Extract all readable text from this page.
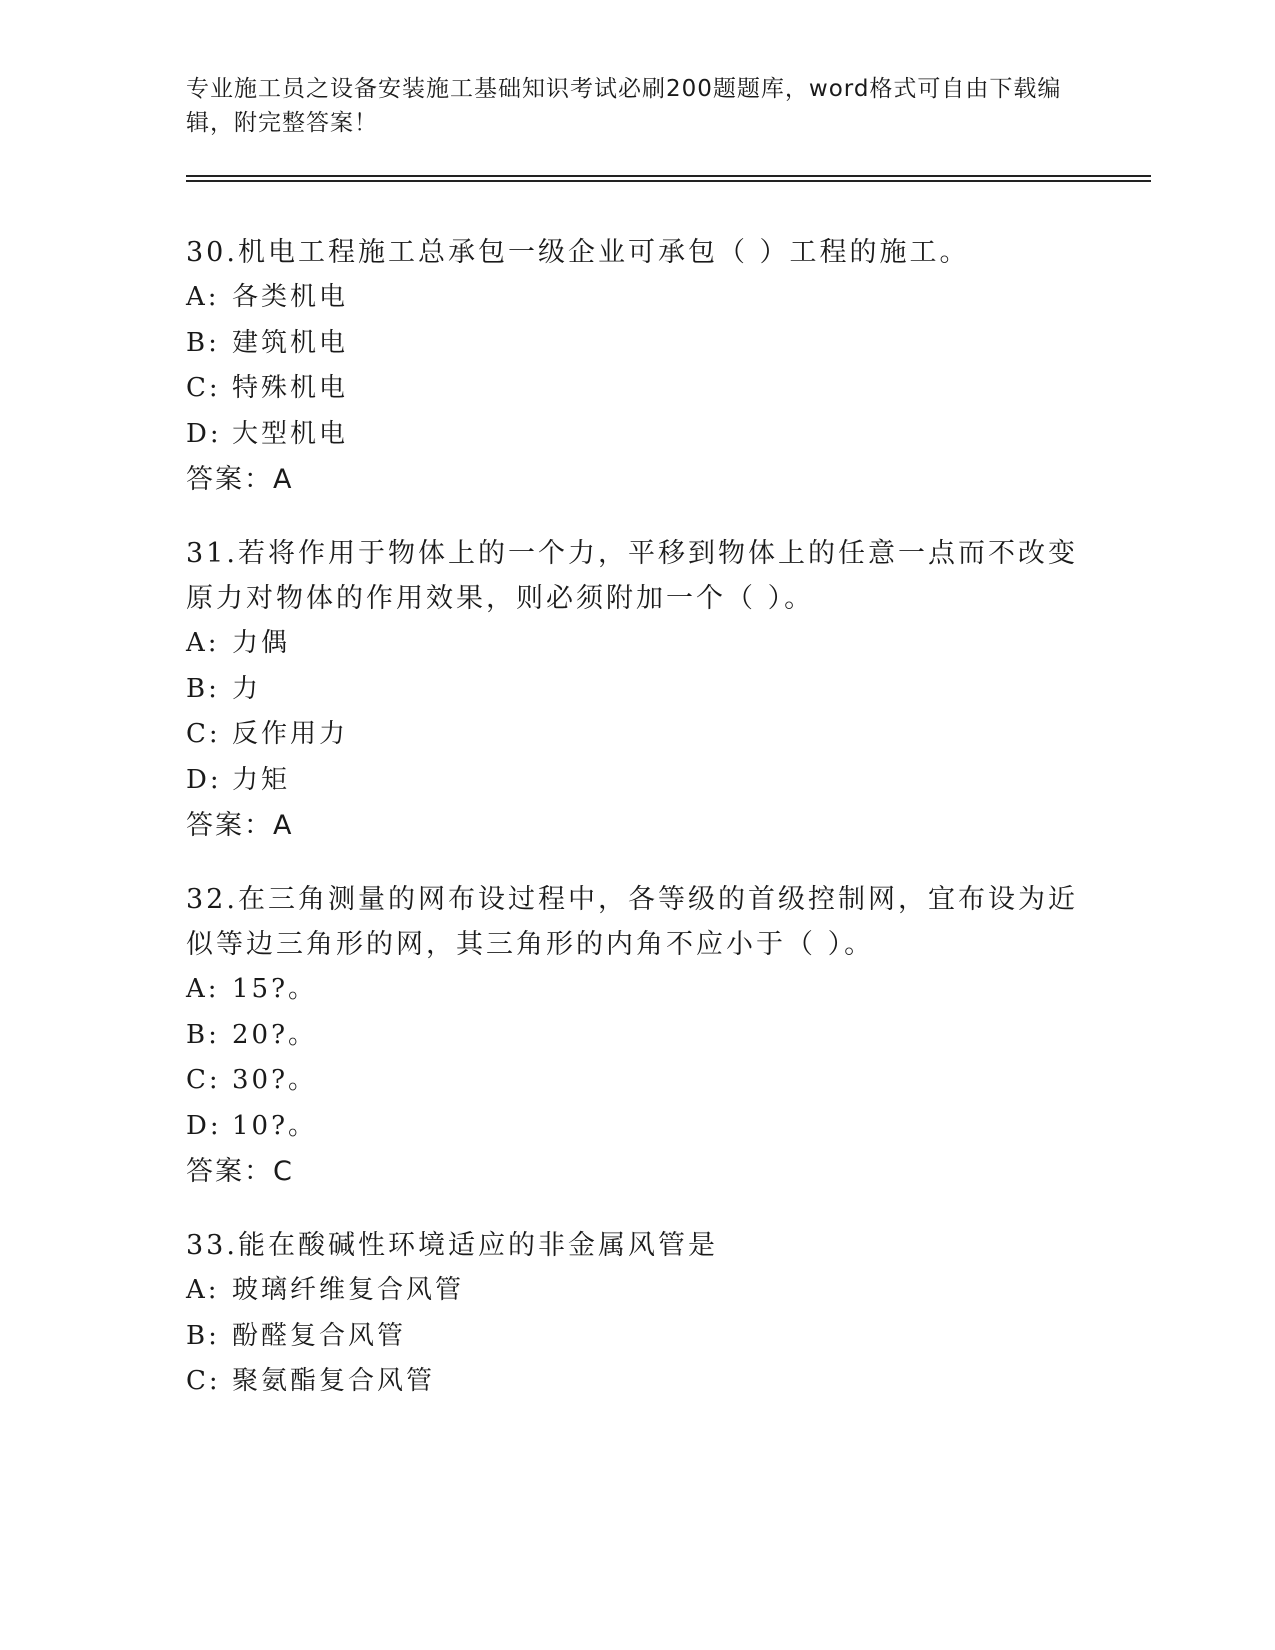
专业施工员之设备安装施工基础知识考试必刷200题题库，word格式可自由下载编辑，附完整答案！

30.机电工程施工总承包一级企业可承包（ ）工程的施工。

A: 各类机电

B: 建筑机电

C: 特殊机电

D: 大型机电

答案：A

31.若将作用于物体上的一个力，平移到物体上的任意一点而不改变原力对物体的作用效果，则必须附加一个（ ）。

A: 力偶

B: 力

C: 反作用力

D: 力矩

答案：A

32.在三角测量的网布设过程中，各等级的首级控制网，宜布设为近似等边三角形的网，其三角形的内角不应小于（ ）。

A: 15?。

B: 20?。

C: 30?。

D: 10?。

答案：C

33.能在酸碱性环境适应的非金属风管是

A: 玻璃纤维复合风管

B: 酚醛复合风管

C: 聚氨酯复合风管
